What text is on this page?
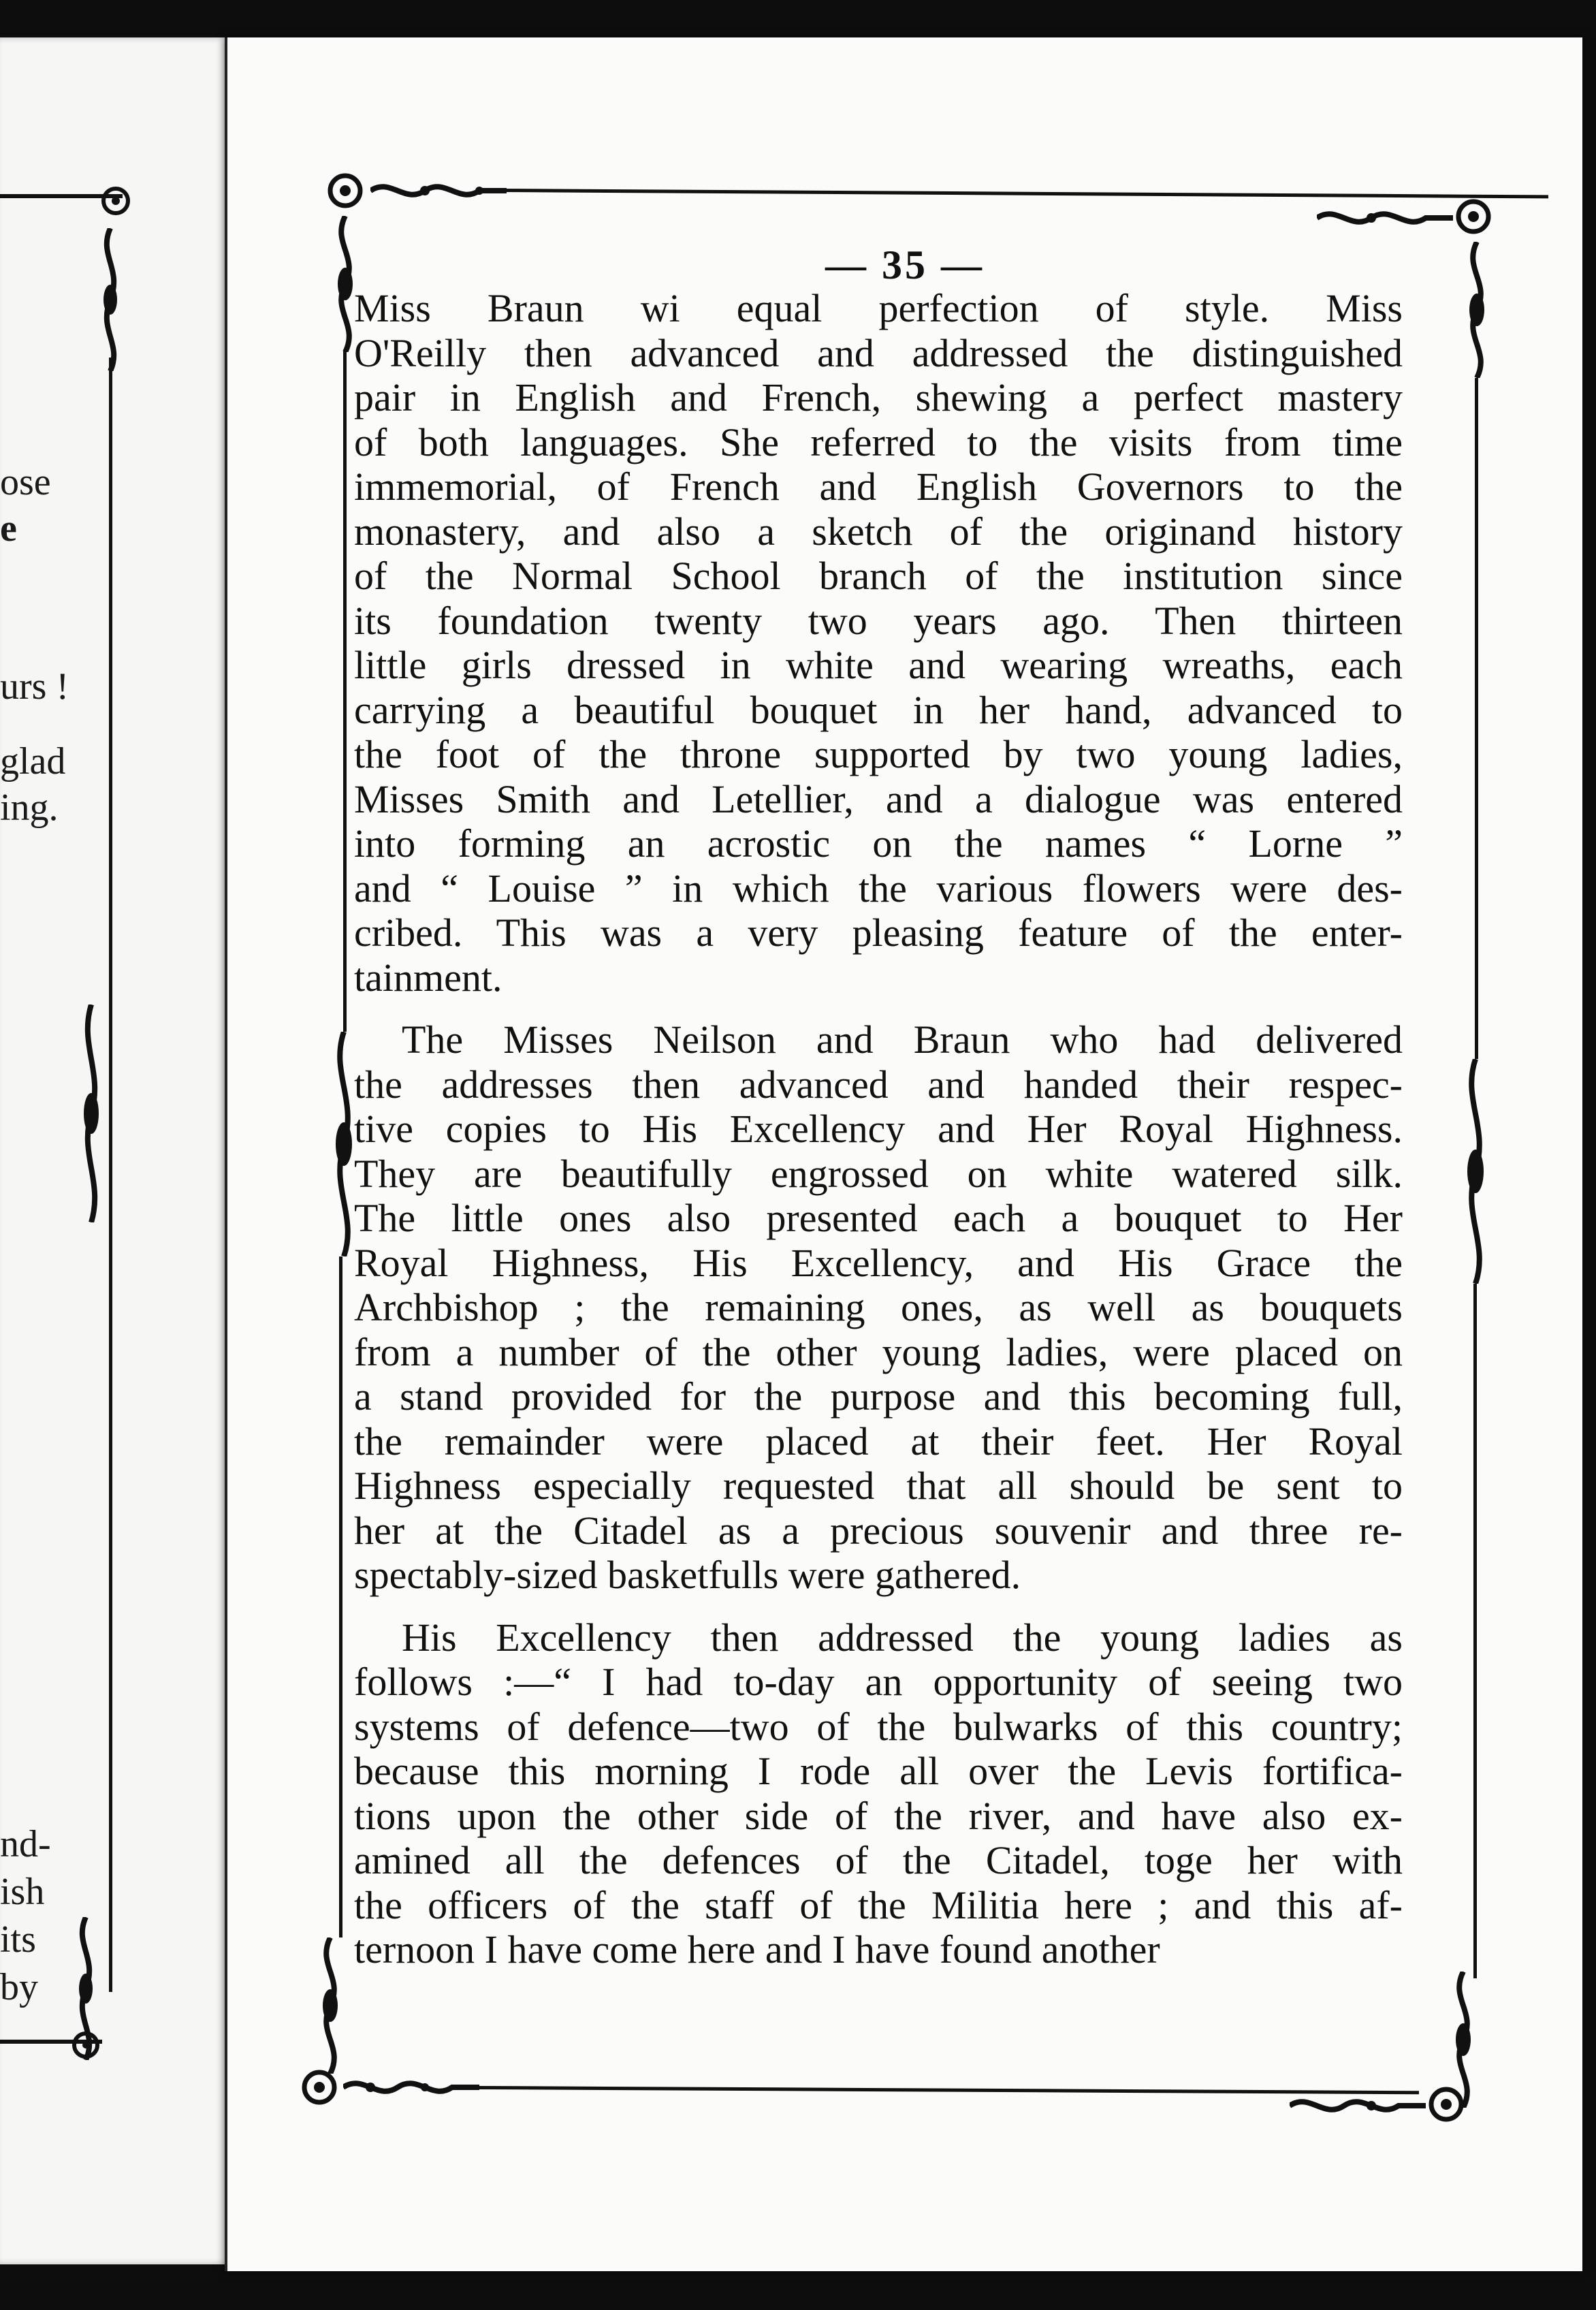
ose
e
urs !
glad
ing.
nd-
ish
its
by
— 35 —
Miss Braun wi equal perfection of style. Miss
O'Reilly then advanced and addressed the distinguished
pair in English and French, shewing a perfect mastery
of both languages. She referred to the visits from time
immemorial, of French and English Governors to the
monastery, and also a sketch of the originand history
of the Normal School branch of the institution since
its foundation twenty two years ago. Then thirteen
little girls dressed in white and wearing wreaths, each
carrying a beautiful bouquet in her hand, advanced to
the foot of the throne supported by two young ladies,
Misses Smith and Letellier, and a dialogue was entered
into forming an acrostic on the names “ Lorne ”
and “ Louise ” in which the various flowers were des-
cribed. This was a very pleasing feature of the enter-
tainment.
The Misses Neilson and Braun who had delivered
the addresses then advanced and handed their respec-
tive copies to His Excellency and Her Royal Highness.
They are beautifully engrossed on white watered silk.
The little ones also presented each a bouquet to Her
Royal Highness, His Excellency, and His Grace the
Archbishop ; the remaining ones, as well as bouquets
from a number of the other young ladies, were placed on
a stand provided for the purpose and this becoming full,
the remainder were placed at their feet. Her Royal
Highness especially requested that all should be sent to
her at the Citadel as a precious souvenir and three re-
spectably-sized basketfulls were gathered.
His Excellency then addressed the young ladies as
follows :—“ I had to-day an opportunity of seeing two
systems of defence—two of the bulwarks of this country;
because this morning I rode all over the Levis fortifica-
tions upon the other side of the river, and have also ex-
amined all the defences of the Citadel, toge her with
the officers of the staff of the Militia here ; and this af-
ternoon I have come here and I have found another
